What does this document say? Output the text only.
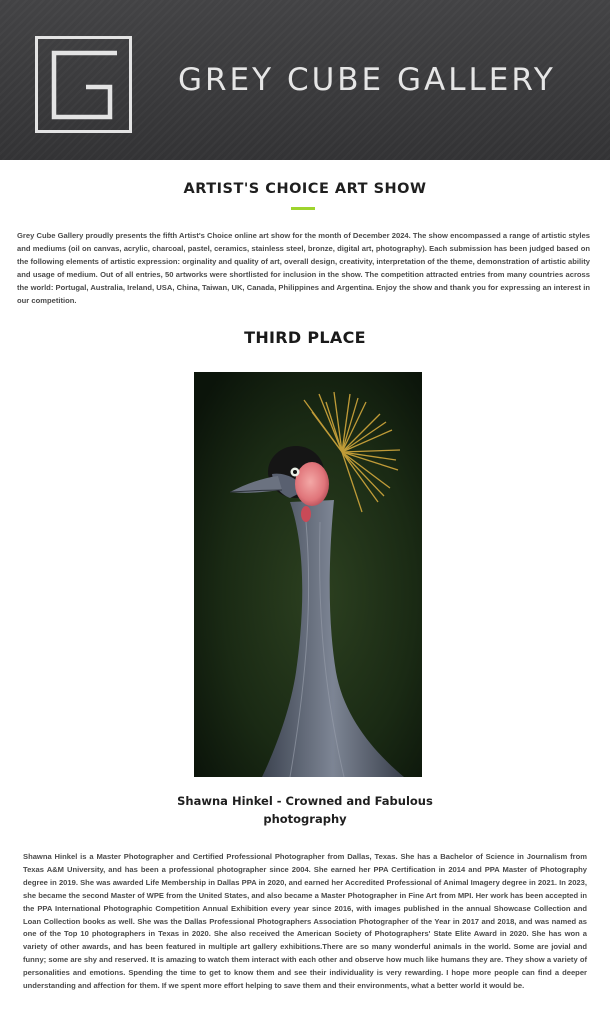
GREY CUBE GALLERY
ARTIST'S CHOICE ART SHOW

Grey Cube Gallery proudly presents the fifth Artist's Choice online art show for the month of December 2024. The show encompassed a range of artistic styles and mediums (oil on canvas, acrylic, charcoal, pastel, ceramics, stainless steel, bronze, digital art, photography). Each submission has been judged based on the following elements of artistic expression: orginality and quality of art, overall design, creativity, interpretation of the theme, demonstration of artistic ability and usage of medium. Out of all entries, 50 artworks were shortlisted for inclusion in the show. The competition attracted entries from many countries across the world: Portugal, Australia, Ireland, USA, China, Taiwan, UK, Canada, Philippines and Argentina. Enjoy the show and thank you for expressing an interest in our competition.

THIRD PLACE
Shawna Hinkel - Crowned and Fabulous
photography

Shawna Hinkel is a Master Photographer and Certified Professional Photographer from Dallas, Texas. She has a Bachelor of Science in Journalism from Texas A&M University, and has been a professional photographer since 2004. She earned her PPA Certification in 2014 and PPA Master of Photography degree in 2019. She was awarded Life Membership in Dallas PPA in 2020, and earned her Accredited Professional of Animal Imagery degree in 2021. In 2023, she became the second Master of WPE from the United States, and also became a Master Photographer in Fine Art from MPI. Her work has been accepted in the PPA International Photographic Competition Annual Exhibition every year since 2016, with images published in the annual Showcase Collection and Loan Collection books as well. She was the Dallas Professional Photographers Association Photographer of the Year in 2017 and 2018, and was named as one of the Top 10 photographers in Texas in 2020. She also received the American Society of Photographers' State Elite Award in 2020. She has won a variety of other awards, and has been featured in multiple art gallery exhibitions.There are so many wonderful animals in the world. Some are jovial and funny; some are shy and reserved. It is amazing to watch them interact with each other and observe how much like humans they are. They show a variety of personalities and emotions. Spending the time to get to know them and see their individuality is very rewarding. I hope more people can find a deeper understanding and affection for them. If we spent more effort helping to save them and their environments, what a better world it would be.
